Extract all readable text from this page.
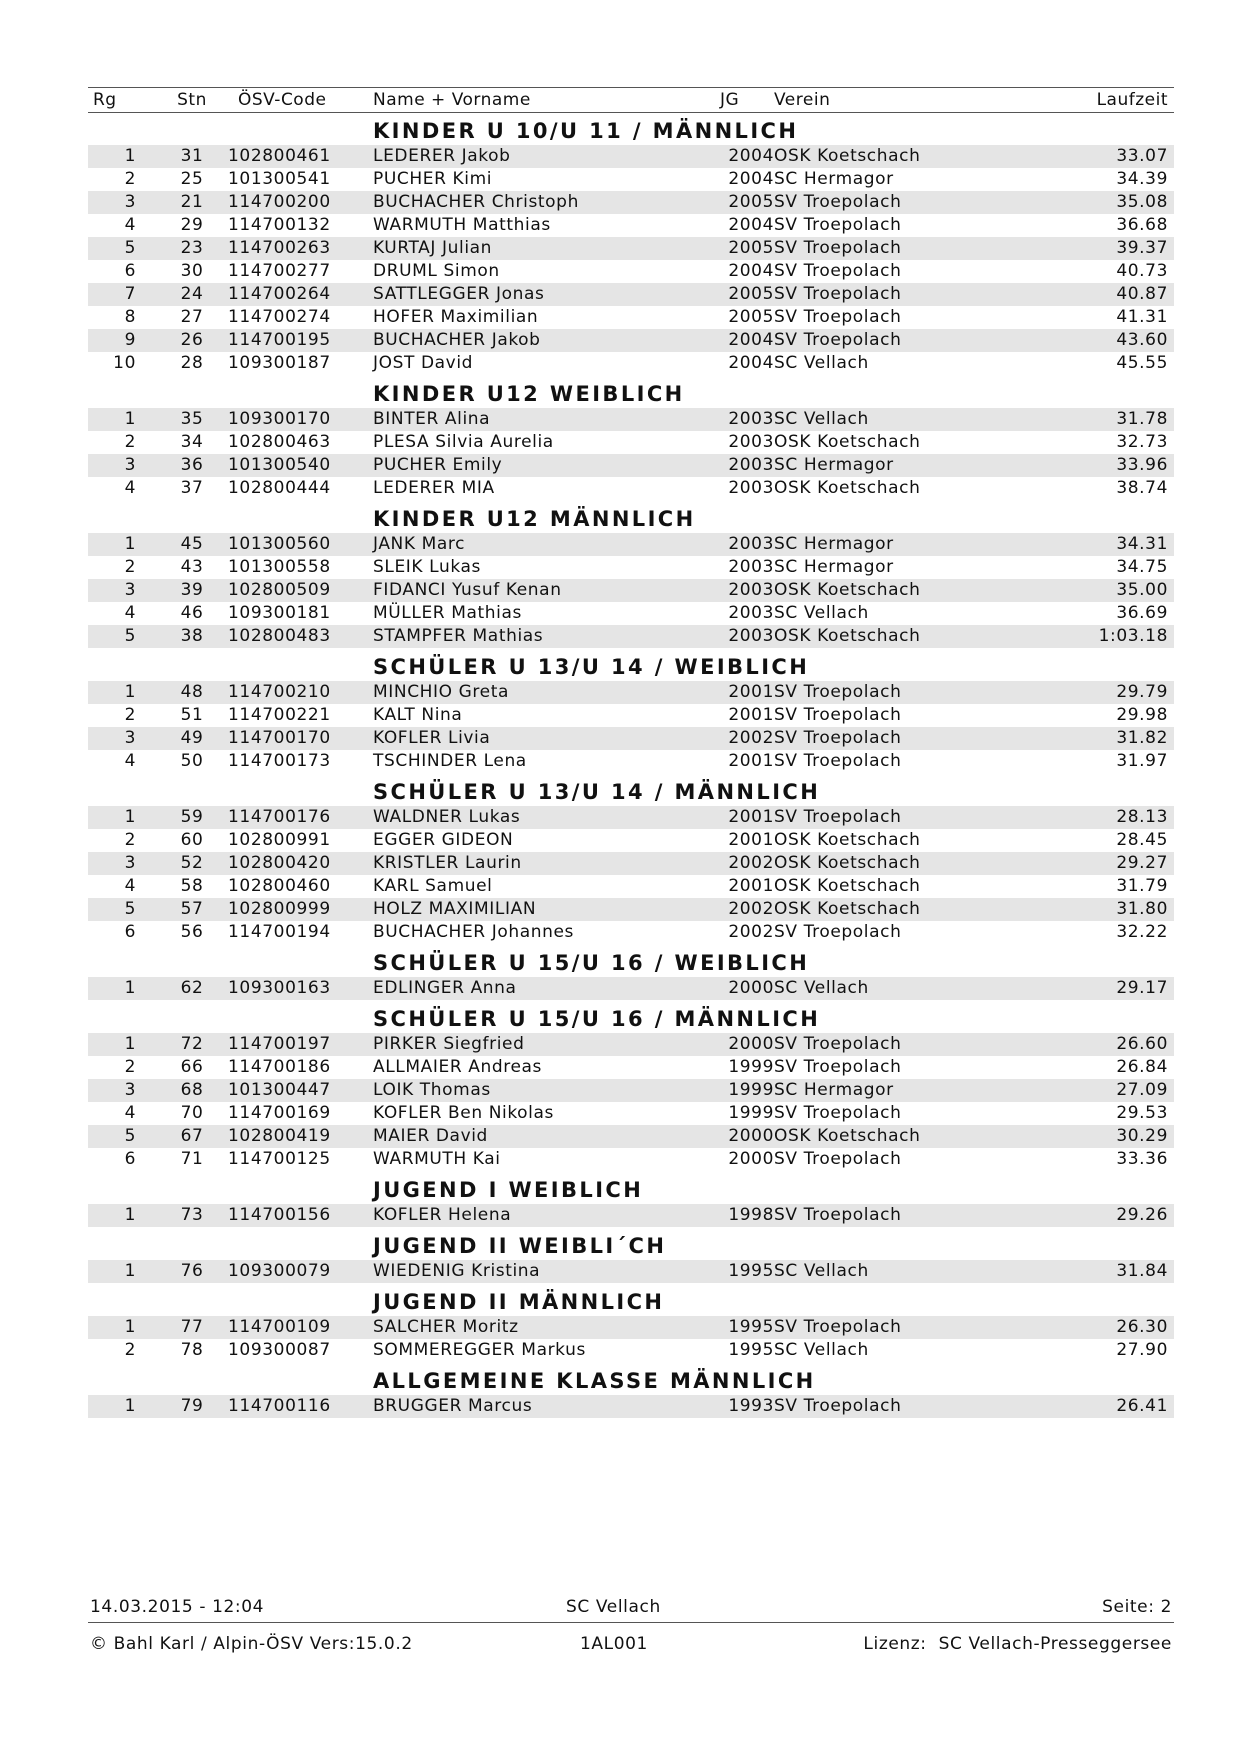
Rg	Stn	ÖSV-Code	Name + Vorname	JG Verein	Laufzeit
KINDER U 10/U 11 / MÄNNLICH
1	31	102800461 LEDERER Jakob	2004 OSK Koetschach	33.07
2	25	101300541 PUCHER Kimi	2004 SC Hermagor	34.39
3	21	114700200 BUCHACHER Christoph	2005 SV Troepolach	35.08
4	29	114700132 WARMUTH Matthias	2004 SV Troepolach	36.68
5	23	114700263 KURTAJ Julian	2005 SV Troepolach	39.37
6	30	114700277 DRUML Simon	2004 SV Troepolach	40.73
7	24	114700264 SATTLEGGER Jonas	2005 SV Troepolach	40.87
8	27	114700274 HOFER Maximilian	2005 SV Troepolach	41.31
9	26	114700195 BUCHACHER Jakob	2004 SV Troepolach	43.60
10	28	109300187 JOST David	2004 SC Vellach	45.55
KINDER U12 WEIBLICH
1	35	109300170 BINTER Alina	2003 SC Vellach	31.78
2	34	102800463 PLESA Silvia Aurelia	2003 OSK Koetschach	32.73
3	36	101300540 PUCHER Emily	2003 SC Hermagor	33.96
4	37	102800444 LEDERER MIA	2003 OSK Koetschach	38.74
KINDER U12 MÄNNLICH
1	45	101300560 JANK Marc	2003 SC Hermagor	34.31
2	43	101300558 SLEIK Lukas	2003 SC Hermagor	34.75
3	39	102800509 FIDANCI Yusuf Kenan	2003 OSK Koetschach	35.00
4	46	109300181 MÜLLER Mathias	2003 SC Vellach	36.69
5	38	102800483 STAMPFER Mathias	2003 OSK Koetschach	1:03.18
SCHÜLER U 13/U 14 / WEIBLICH
1	48	114700210 MINCHIO Greta	2001 SV Troepolach	29.79
2	51	114700221 KALT Nina	2001 SV Troepolach	29.98
3	49	114700170 KOFLER Livia	2002 SV Troepolach	31.82
4	50	114700173 TSCHINDER Lena	2001 SV Troepolach	31.97
SCHÜLER U 13/U 14 / MÄNNLICH
1	59	114700176 WALDNER Lukas	2001 SV Troepolach	28.13
2	60	102800991 EGGER GIDEON	2001 OSK Koetschach	28.45
3	52	102800420 KRISTLER Laurin	2002 OSK Koetschach	29.27
4	58	102800460 KARL Samuel	2001 OSK Koetschach	31.79
5	57	102800999 HOLZ MAXIMILIAN	2002 OSK Koetschach	31.80
6	56	114700194 BUCHACHER Johannes	2002 SV Troepolach	32.22
SCHÜLER U 15/U 16 / WEIBLICH
1	62	109300163 EDLINGER Anna	2000 SC Vellach	29.17
SCHÜLER U 15/U 16 / MÄNNLICH
1	72	114700197 PIRKER Siegfried	2000 SV Troepolach	26.60
2	66	114700186 ALLMAIER Andreas	1999 SV Troepolach	26.84
3	68	101300447 LOIK Thomas	1999 SC Hermagor	27.09
4	70	114700169 KOFLER Ben Nikolas	1999 SV Troepolach	29.53
5	67	102800419 MAIER David	2000 OSK Koetschach	30.29
6	71	114700125 WARMUTH Kai	2000 SV Troepolach	33.36
JUGEND I WEIBLICH
1	73	114700156 KOFLER Helena	1998 SV Troepolach	29.26
JUGEND II WEIBLI´CH
1	76	109300079 WIEDENIG Kristina	1995 SC Vellach	31.84
JUGEND II MÄNNLICH
1	77	114700109 SALCHER Moritz	1995 SV Troepolach	26.30
2	78	109300087 SOMMEREGGER Markus	1995 SC Vellach	27.90
ALLGEMEINE KLASSE MÄNNLICH
1	79	114700116 BRUGGER Marcus	1993 SV Troepolach	26.41
14.03.2015 - 12:04	SC Vellach	Seite: 2
© Bahl Karl / Alpin-ÖSV Vers:15.0.2	1AL001	Lizenz:  SC Vellach-Presseggersee
